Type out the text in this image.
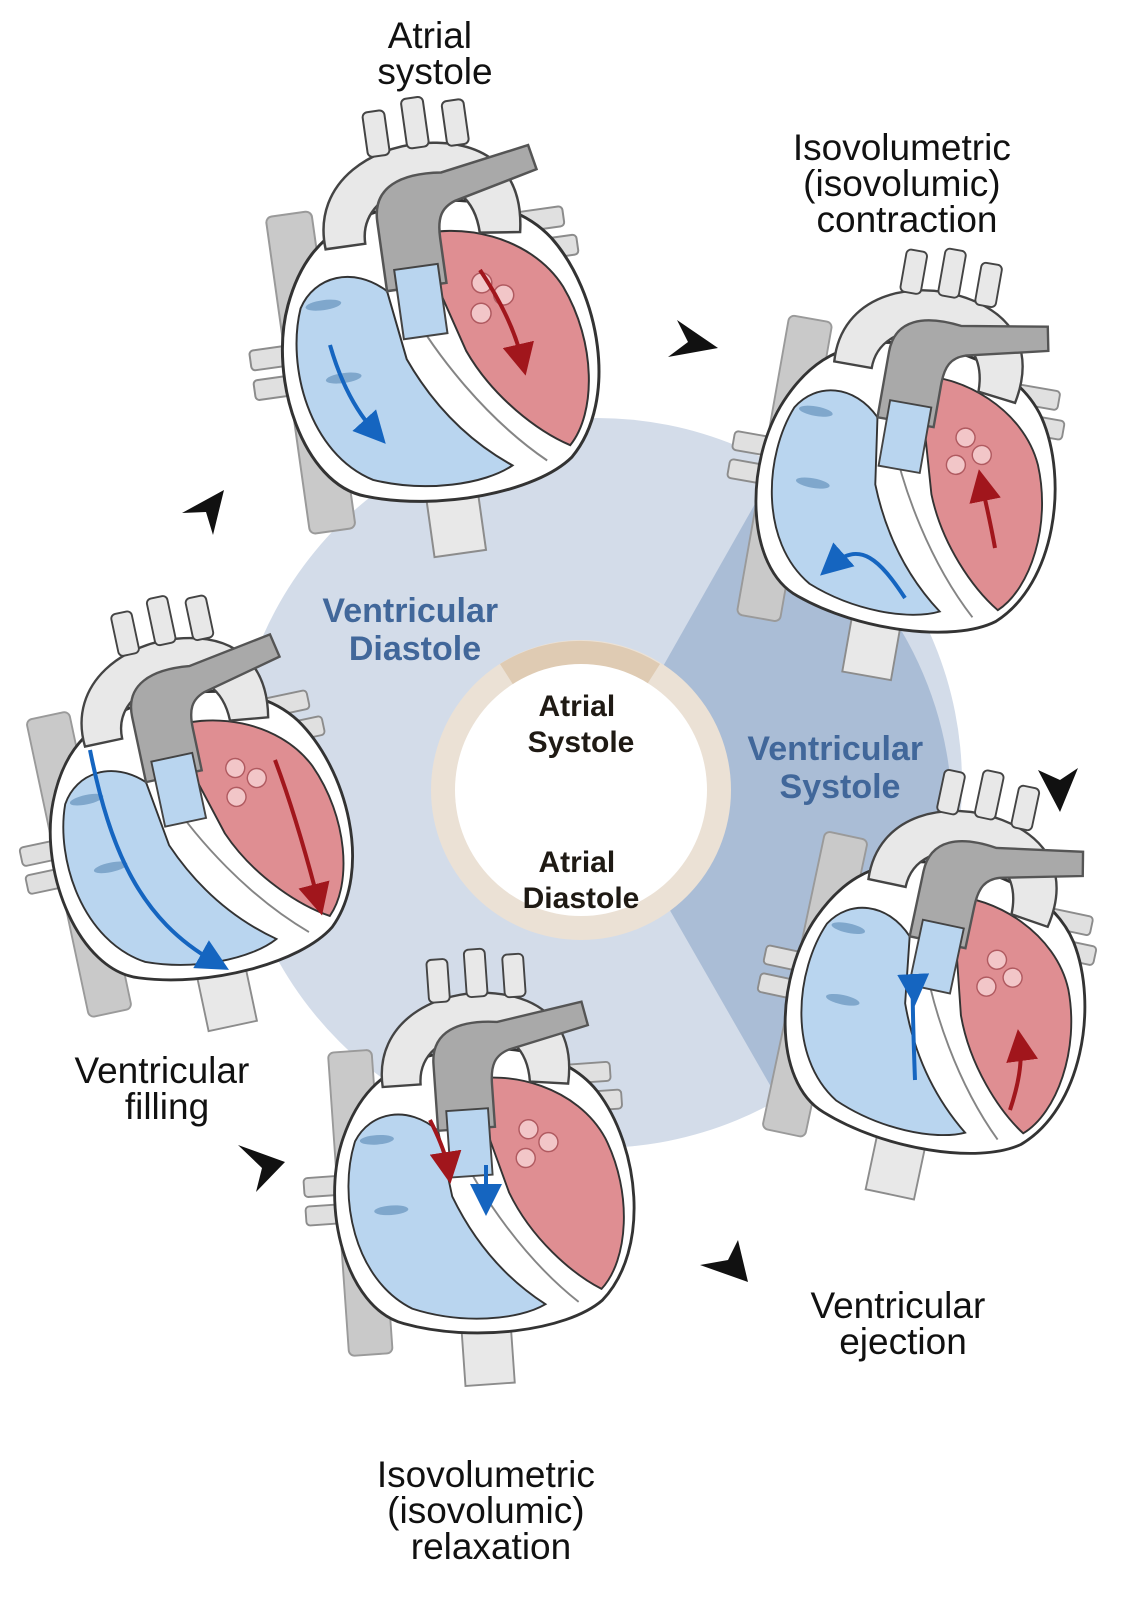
Atrial systole
Isovolumetric (isovolumic) contraction
Ventricular ejection
Isovolumetric (isovolumic) relaxation
Ventricular filling
Ventricular Diastole
Ventricular Systole
Atrial Systole
Atrial Diastole
